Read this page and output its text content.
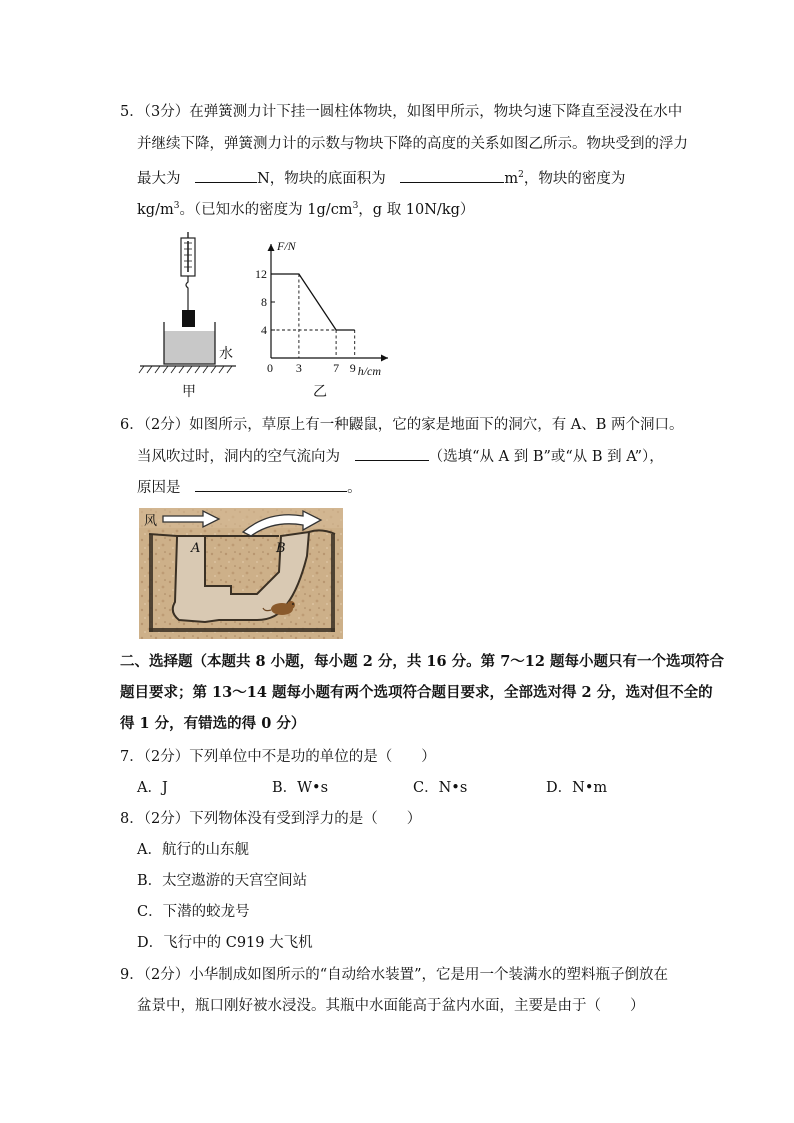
5．（3分）在弹簧测力计下挂一圆柱体物块，如图甲所示，物块匀速下降直至浸没在水中
并继续下降，弹簧测力计的示数与物块下降的高度的关系如图乙所示。物块受到的浮力
最大为	N，物块的底面积为	$m^2$，物块的密度为
$kg/m^3$。（已知水的密度为 $1g/cm^3$，g 取 10N/kg）
水
甲
12
8
4
0 3	7 9
F/N
h/cm
乙
6．（2分）如图所示，草原上有一种鼹鼠，它的家是地面下的洞穴，有 A、B 两个洞口。
当风吹过时，洞内的空气流向为	（选填“从 A 到 B”或“从 B 到 A”），
原因是	。
风
A	B
二、选择题（本题共 8 小题，每小题 2 分，共 16 分。第 7～12 题每小题只有一个选项符合
题目要求；第 13～14 题每小题有两个选项符合题目要求，全部选对得 2 分，选对但不全的
得 1 分，有错选的得 0 分）
7．（2分）下列单位中不是功的单位的是（　　）
A．J	B．W•s	C．N•s	D．N•m
8．（2分）下列物体没有受到浮力的是（　　）
A．航行的山东舰
B．太空遨游的天宫空间站
C．下潜的蛟龙号
D．飞行中的 C919 大飞机
9．（2分）小华制成如图所示的“自动给水装置”，它是用一个装满水的塑料瓶子倒放在
盆景中，瓶口刚好被水浸没。其瓶中水面能高于盆内水面，主要是由于（　　）
